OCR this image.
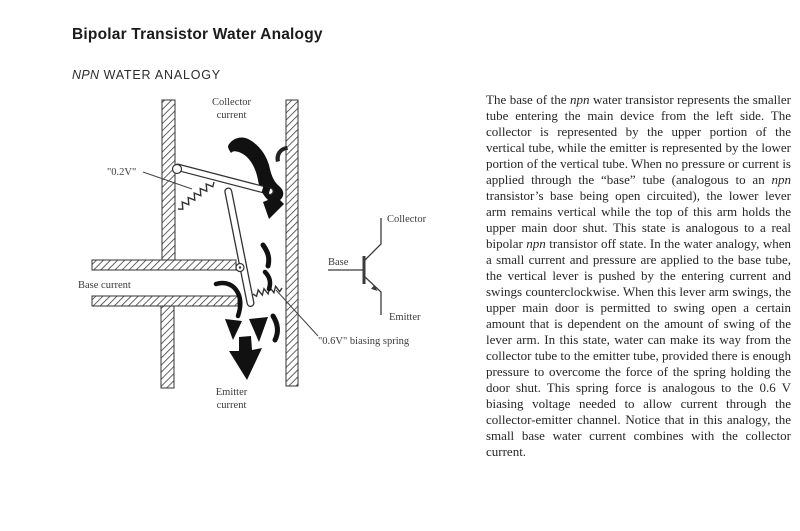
Bipolar Transistor Water Analogy
NPN WATER ANALOGY
Collector
current
"0.2V"
Base current
Emitter
current
"0.6V" biasing spring
Collector
Base
Emitter
The base of the npn water transistor represents the smaller tube entering the main device from the left side. The collector is represented by the upper portion of the vertical tube, while the emitter is represented by the lower portion of the vertical tube. When no pressure or current is applied through the “base” tube (analogous to an npn transistor’s base being open circuited), the lower lever arm remains vertical while the top of this arm holds the upper main door shut. This state is analogous to a real bipolar npn transistor off state. In the water analogy, when a small current and pressure are applied to the base tube, the vertical lever is pushed by the entering current and swings counterclockwise. When this lever arm swings, the upper main door is permitted to swing open a certain amount that is dependent on the amount of swing of the lever arm. In this state, water can make its way from the collector tube to the emitter tube, provided there is enough pressure to overcome the force of the spring holding the door shut. This spring force is analogous to the 0.6 V biasing voltage needed to allow current through the collector-emitter channel. Notice that in this analogy, the small base water current combines with the collector current.
